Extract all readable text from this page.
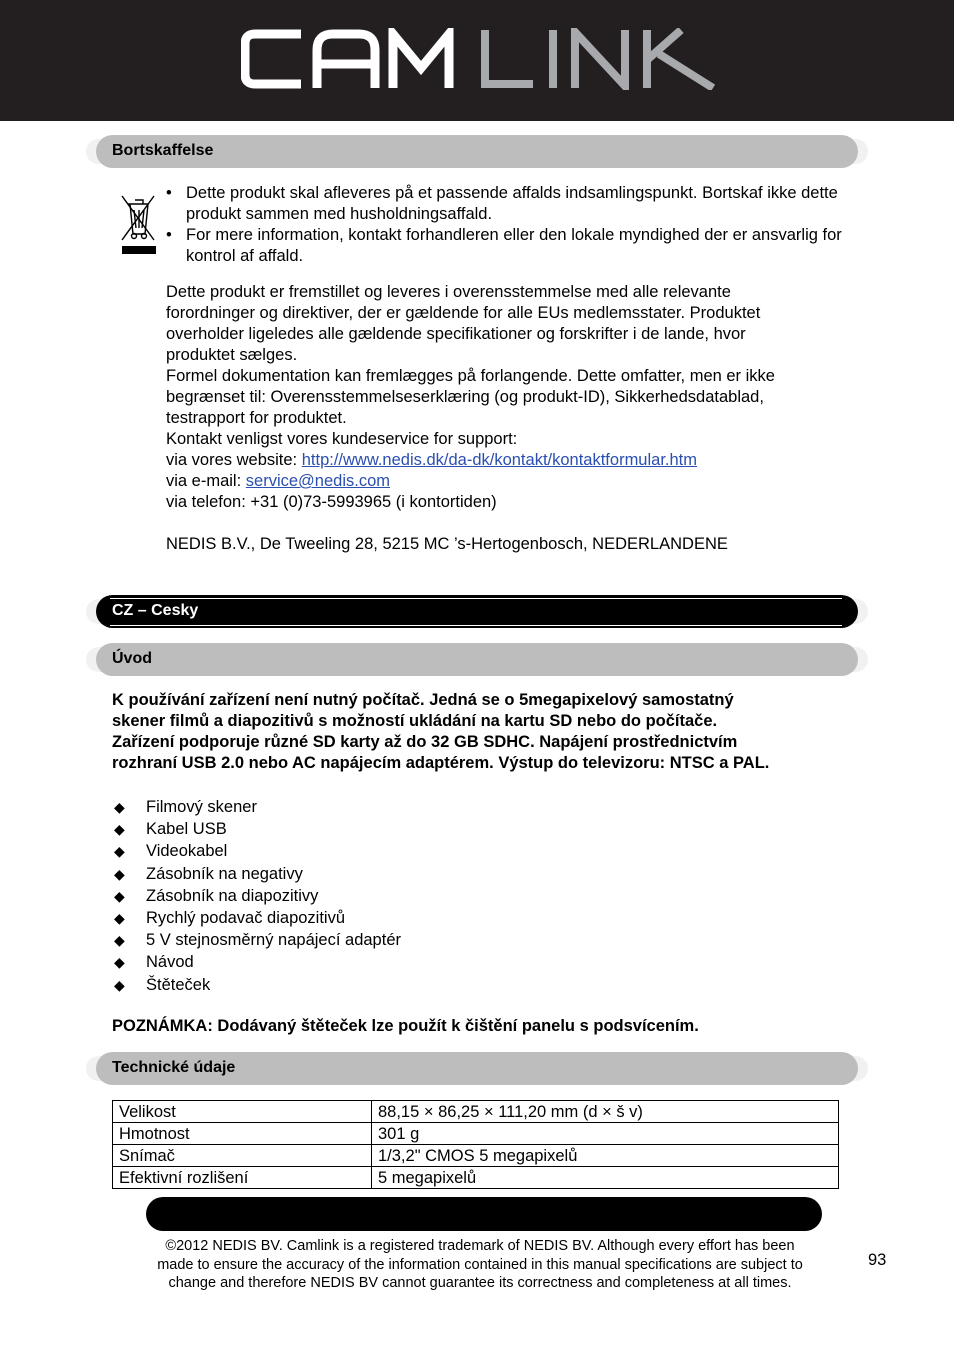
CAM
Bortskaffelse
• Dette produkt skal afleveres på et passende affalds indsamlingspunkt. Bortskaf ikke dette produkt sammen med husholdningsaffald.
• For mere information, kontakt forhandleren eller den lokale myndighed der er ansvarlig for kontrol af affald.
Dette produkt er fremstillet og leveres i overensstemmelse med alle relevante
forordninger og direktiver, der er gældende for alle EUs medlemsstater. Produktet
overholder ligeledes alle gældende specifikationer og forskrifter i de lande, hvor
produktet sælges.
Formel dokumentation kan fremlægges på forlangende. Dette omfatter, men er ikke
begrænset til: Overensstemmelseserklæring (og produkt-ID), Sikkerhedsdatablad,
testrapport for produktet.
Kontakt venligst vores kundeservice for support:
via vores website: http://www.nedis.dk/da-dk/kontakt/kontaktformular.htm
via e-mail: service@nedis.com
via telefon: +31 (0)73-5993965 (i kontortiden)
NEDIS B.V., De Tweeling 28, 5215 MC ’s-Hertogenbosch, NEDERLANDENE
CZ – Cesky
Úvod
K používání zařízení není nutný počítač. Jedná se o 5megapixelový samostatný
skener filmů a diapozitivů s možností ukládání na kartu SD nebo do počítače.
Zařízení podporuje různé SD karty až do 32 GB SDHC. Napájení prostřednictvím
rozhraní USB 2.0 nebo AC napájecím adaptérem. Výstup do televizoru: NTSC a PAL.
◆ Filmový skener
◆ Kabel USB
◆ Videokabel
◆ Zásobník na negativy
◆ Zásobník na diapozitivy
◆ Rychlý podavač diapozitivů
◆ 5 V stejnosměrný napájecí adaptér
◆ Návod
◆ Štěteček
POZNÁMKA: Dodávaný štěteček lze použít k čištění panelu s podsvícením.
Technické údaje
Velikost	88,15 × 86,25 × 111,20 mm (d × š v)
Hmotnost	301 g
Snímač	1/3,2" CMOS 5 megapixelů
Efektivní rozlišení	5 megapixelů
©2012 NEDIS BV. Camlink is a registered trademark of NEDIS BV. Although every effort has been
made to ensure the accuracy of the information contained in this manual specifications are subject to
change and therefore NEDIS BV cannot guarantee its correctness and completeness at all times.
93
